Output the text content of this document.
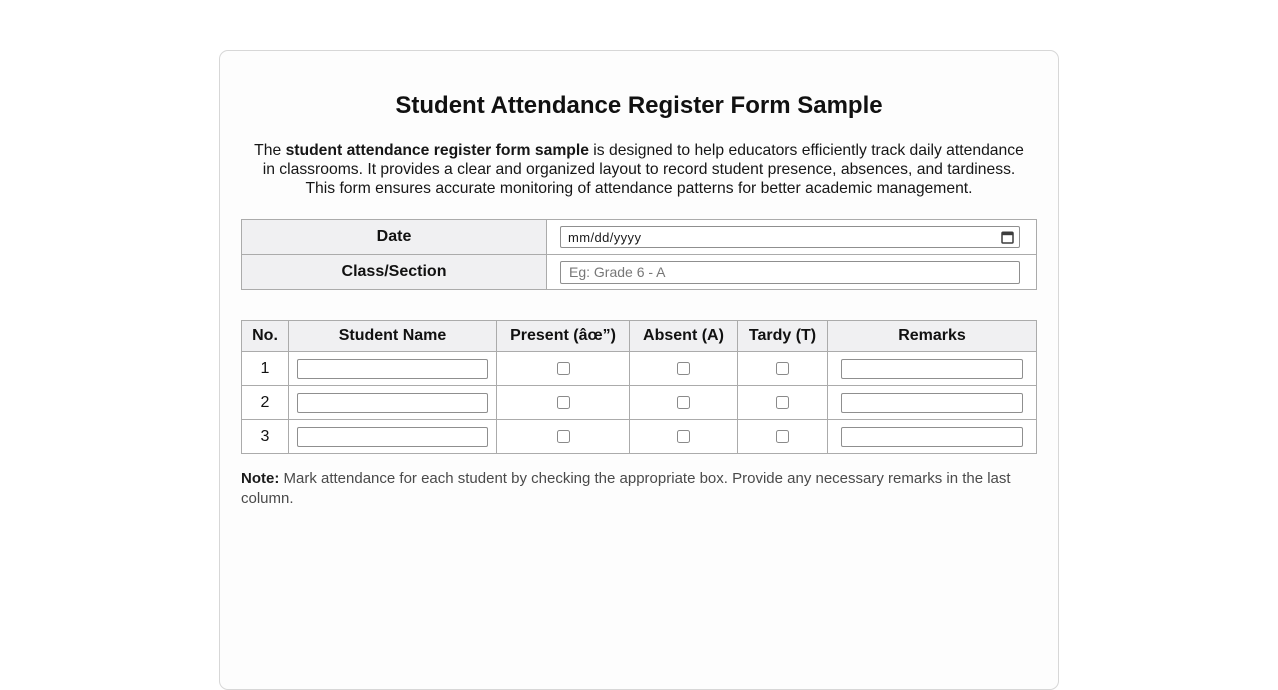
Student Attendance Register Form Sample

The student attendance register form sample is designed to help educators efficiently track daily attendance in classrooms. It provides a clear and organized layout to record student presence, absences, and tardiness. This form ensures accurate monitoring of attendance patterns for better academic management.

Date	mm/dd/yyyy

Class/Section	Eg: Grade 6 - A
No.	Student Name	Present (âœ”)	Absent (A)	Tardy (T)	Remarks
1	

2	

3	

Note: Mark attendance for each student by checking the appropriate box. Provide any necessary remarks in the last column.
